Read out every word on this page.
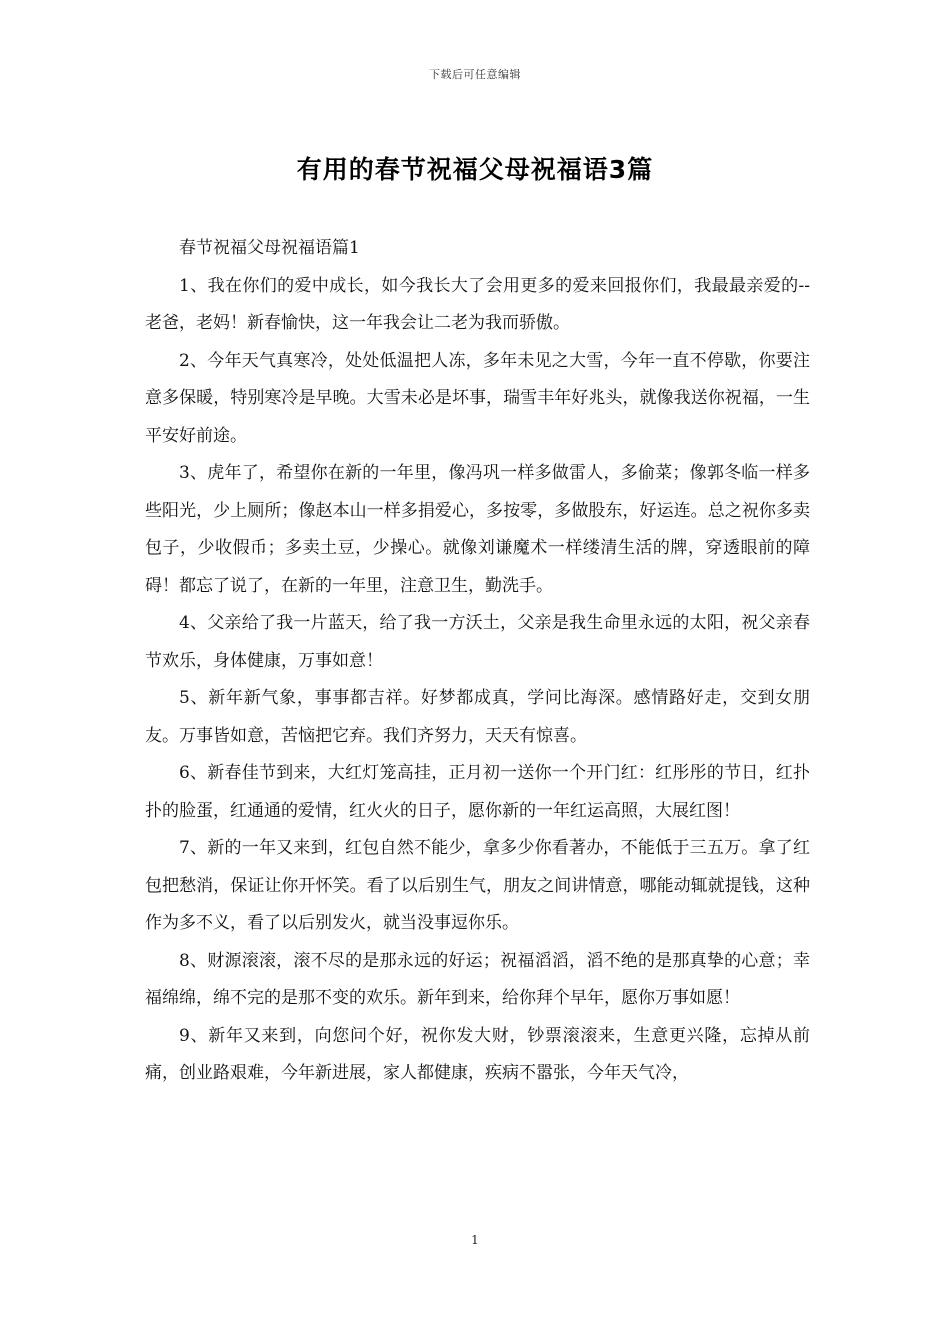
下载后可任意编辑
有用的春节祝福父母祝福语3篇

春节祝福父母祝福语篇1

1、我在你们的爱中成长，如今我长大了会用更多的爱来回报你们，我最最亲爱的--老爸，老妈！新春愉快，这一年我会让二老为我而骄傲。

2、今年天气真寒冷，处处低温把人冻，多年未见之大雪，今年一直不停歇，你要注意多保暖，特别寒冷是早晚。大雪未必是坏事，瑞雪丰年好兆头，就像我送你祝福，一生平安好前途。

3、虎年了，希望你在新的一年里，像冯巩一样多做雷人，多偷菜；像郭冬临一样多些阳光，少上厕所；像赵本山一样多捐爱心，多按零，多做股东，好运连。总之祝你多卖包子，少收假币；多卖土豆，少操心。就像刘谦魔术一样缕清生活的牌，穿透眼前的障碍！都忘了说了，在新的一年里，注意卫生，勤洗手。

4、父亲给了我一片蓝天，给了我一方沃土，父亲是我生命里永远的太阳，祝父亲春节欢乐，身体健康，万事如意！

5、新年新气象，事事都吉祥。好梦都成真，学问比海深。感情路好走，交到女朋友。万事皆如意，苦恼把它弃。我们齐努力，天天有惊喜。

6、新春佳节到来，大红灯笼高挂，正月初一送你一个开门红：红彤彤的节日，红扑扑的脸蛋，红通通的爱情，红火火的日子，愿你新的一年红运高照，大展红图！

7、新的一年又来到，红包自然不能少，拿多少你看著办，不能低于三五万。拿了红包把愁消，保证让你开怀笑。看了以后别生气，朋友之间讲情意，哪能动辄就提钱，这种作为多不义，看了以后别发火，就当没事逗你乐。

8、财源滚滚，滚不尽的是那永远的好运；祝福滔滔，滔不绝的是那真挚的心意；幸福绵绵，绵不完的是那不变的欢乐。新年到来，给你拜个早年，愿你万事如愿！

9、新年又来到，向您问个好，祝你发大财，钞票滚滚来，生意更兴隆，忘掉从前痛，创业路艰难，今年新进展，家人都健康，疾病不嚣张，今年天气冷，

1
